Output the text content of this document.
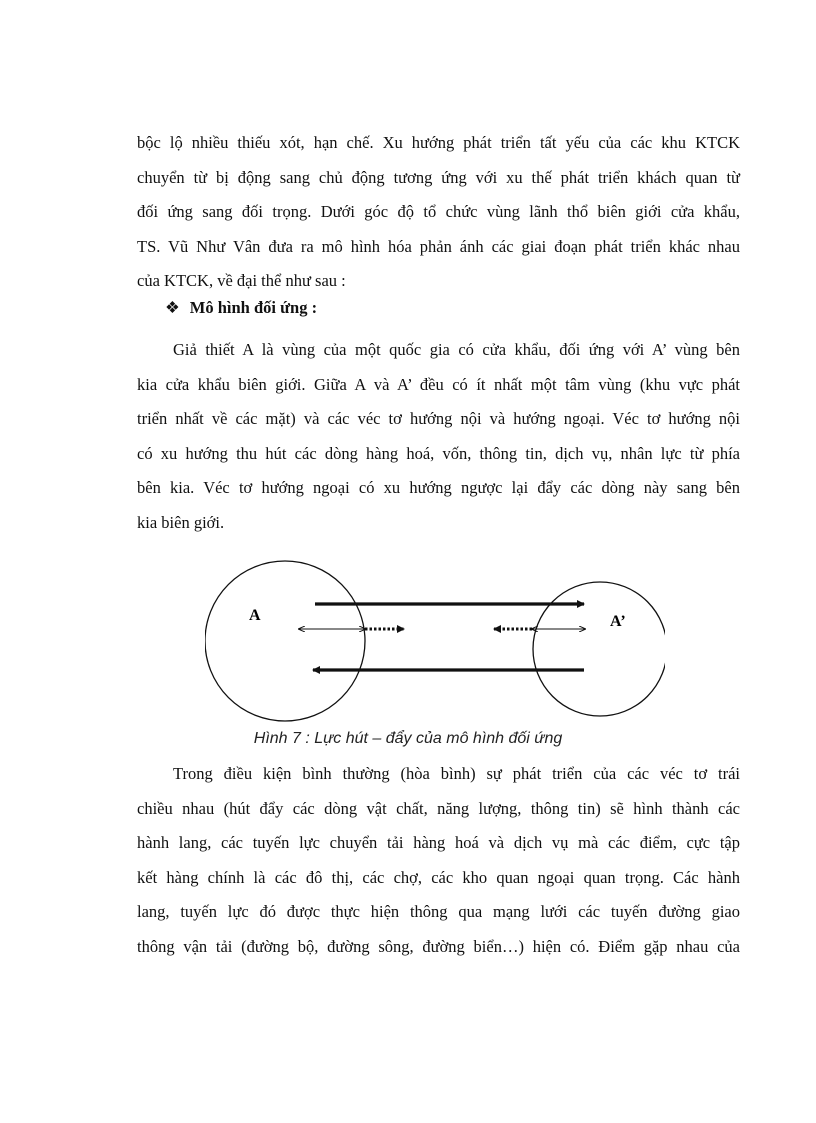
bộc lộ nhiều thiếu xót, hạn chế. Xu hướng phát triển tất yếu của các khu KTCK
chuyển từ bị động sang chủ động tương ứng với xu thế phát triển khách quan từ
đối ứng sang đối trọng. Dưới góc độ tổ chức vùng lãnh thổ biên giới cửa khẩu,
TS. Vũ Như Vân đưa ra mô hình hóa phản ánh các giai đoạn phát triển khác nhau
của KTCK, về đại thể như sau :

❖ Mô hình đối ứng :

Giả thiết A là vùng của một quốc gia có cửa khẩu, đối ứng với A’ vùng bên
kia cửa khẩu biên giới. Giữa A và A’ đều có ít nhất một tâm vùng (khu vực phát
triển nhất về các mặt) và các véc tơ hướng nội và hướng ngoại. Véc tơ hướng nội
có xu hướng thu hút các dòng hàng hoá, vốn, thông tin, dịch vụ, nhân lực từ phía
bên kia. Véc tơ hướng ngoại có xu hướng ngược lại đẩy các dòng này sang bên
kia biên giới.

A	A’

Hình 7 : Lực hút – đẩy của mô hình đối ứng

Trong điều kiện bình thường (hòa bình) sự phát triển của các véc tơ trái
chiều nhau (hút đẩy các dòng vật chất, năng lượng, thông tin) sẽ hình thành các
hành lang, các tuyến lực chuyển tải hàng hoá và dịch vụ mà các điểm, cực tập
kết hàng chính là các đô thị, các chợ, các kho quan ngoại quan trọng. Các hành
lang, tuyến lực đó được thực hiện thông qua mạng lưới các tuyến đường giao
thông vận tải (đường bộ, đường sông, đường biển…) hiện có. Điểm gặp nhau của
